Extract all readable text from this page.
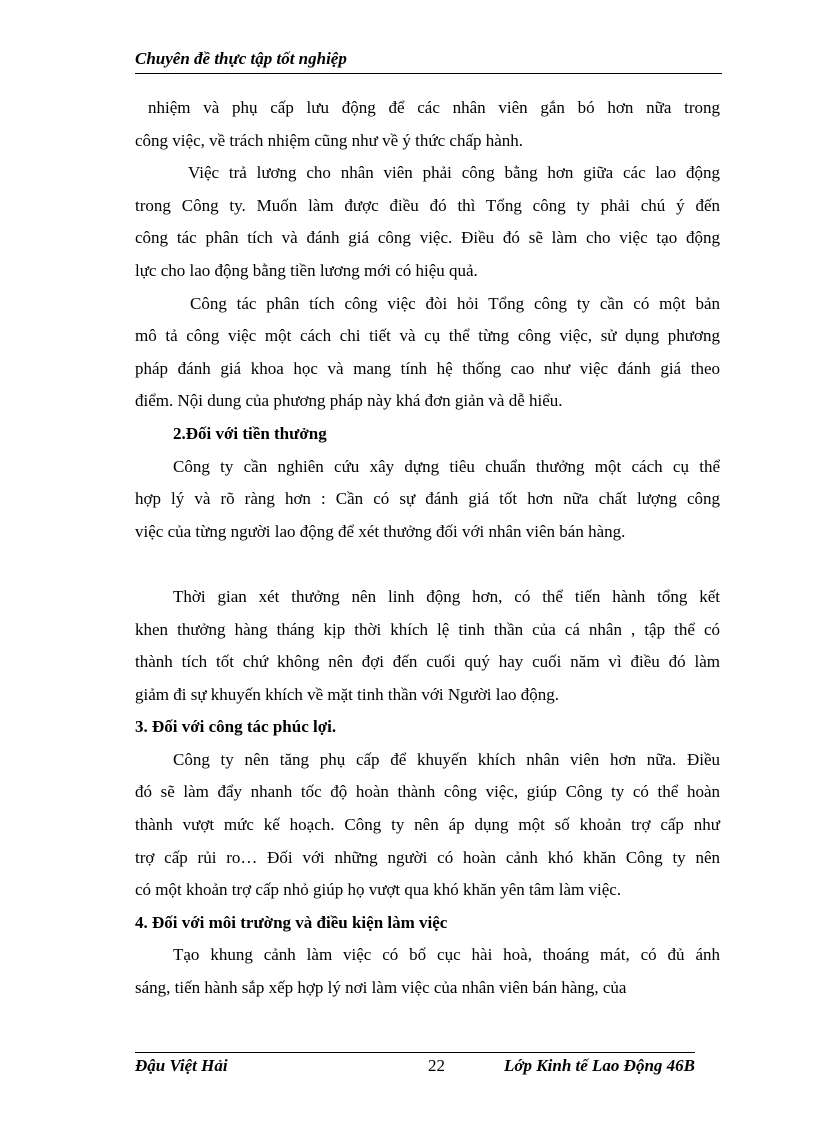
Chuyên đề thực tập tốt nghiệp
nhiệm và phụ cấp lưu động để các nhân viên gắn bó hơn nữa trong
công việc, về trách nhiệm cũng như về ý thức chấp hành.
Việc trả lương cho nhân viên phải công bằng hơn giữa các lao động
trong Công ty. Muốn làm được điều đó thì Tổng công ty phải chú ý đến
công tác phân tích và đánh giá công việc. Điều đó sẽ làm cho việc tạo động
lực cho lao động bằng tiền lương mới có hiệu quả.
Công tác phân tích công việc đòi hỏi Tổng công ty cần có một bản
mô tả công việc một cách chi tiết và cụ thể từng công việc, sử dụng phương
pháp đánh giá khoa học và mang tính hệ thống cao như việc đánh giá theo
điểm. Nội dung của phương pháp này khá đơn giản và dễ hiểu.
2.Đối với tiền thưởng
Công ty cần nghiên cứu xây dựng tiêu chuẩn thưởng một cách cụ thể
hợp lý và rõ ràng hơn : Cần có sự đánh giá tốt hơn nữa chất lượng công
việc của từng người lao động để xét thưởng đối với nhân viên bán hàng.
Thời gian xét thưởng nên linh động hơn, có thể tiến hành tổng kết
khen thưởng hàng tháng kịp thời khích lệ tinh thần của cá nhân , tập thể có
thành tích tốt chứ không nên đợi đến cuối quý hay cuối năm vì điều đó làm
giảm đi sự khuyến khích về mặt tinh thần với Người lao động.
3. Đối với công tác phúc lợi.
Công ty nên tăng phụ cấp để khuyến khích nhân viên hơn nữa. Điều
đó sẽ làm đẩy nhanh tốc độ hoàn thành công việc, giúp Công ty có thể hoàn
thành vượt mức kế hoạch. Công ty nên áp dụng một số khoản trợ cấp như
trợ cấp rủi ro… Đối với những người có hoàn cảnh khó khăn Công ty nên
có một khoản trợ cấp nhỏ giúp họ vượt qua khó khăn yên tâm làm việc.
4. Đối với môi trường và điều kiện làm việc
Tạo khung cảnh làm việc có bố cục hài hoà, thoáng mát, có đủ ánh
sáng, tiến hành sắp xếp hợp lý nơi làm việc của nhân viên bán hàng, của
Đậu Việt Hải	22	Lớp Kinh tế Lao Động 46B
